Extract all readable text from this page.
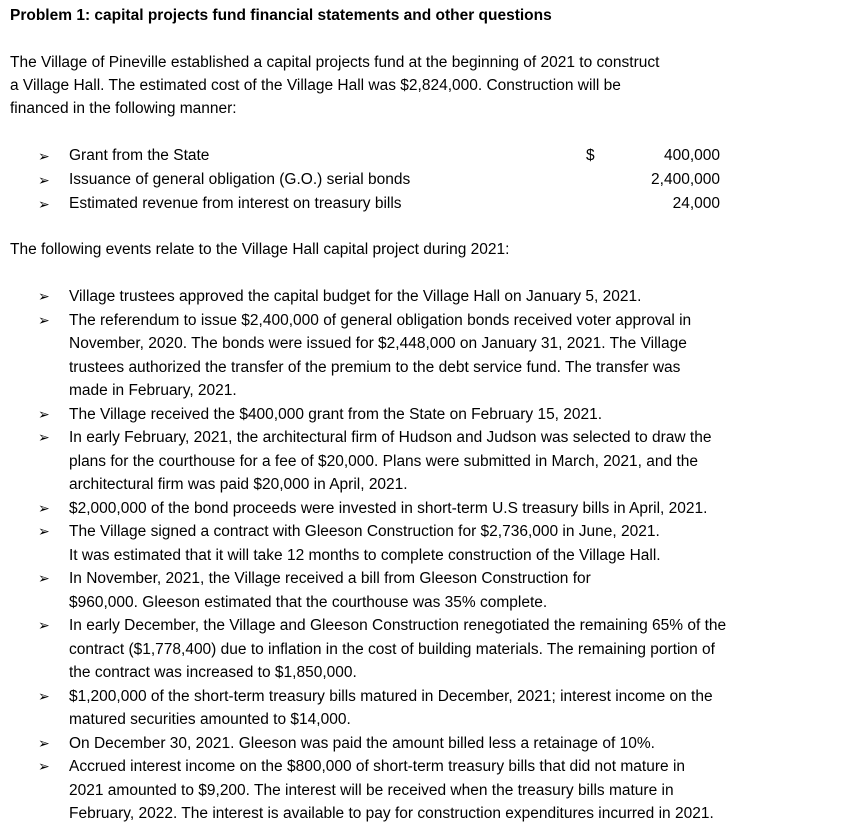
Problem 1: capital projects fund financial statements and other questions
The Village of Pineville established a capital projects fund at the beginning of 2021 to construct
a Village Hall. The estimated cost of the Village Hall was $2,824,000. Construction will be
financed in the following manner:
➢ Grant from the State	$	400,000
➢ Issuance of general obligation (G.O.) serial bonds	2,400,000
➢ Estimated revenue from interest on treasury bills	24,000
The following events relate to the Village Hall capital project during 2021:
➢ Village trustees approved the capital budget for the Village Hall on January 5, 2021.
➢ The referendum to issue $2,400,000 of general obligation bonds received voter approval in
November, 2020. The bonds were issued for $2,448,000 on January 31, 2021. The Village
trustees authorized the transfer of the premium to the debt service fund. The transfer was
made in February, 2021.
➢ The Village received the $400,000 grant from the State on February 15, 2021.
➢ In early February, 2021, the architectural firm of Hudson and Judson was selected to draw the
plans for the courthouse for a fee of $20,000. Plans were submitted in March, 2021, and the
architectural firm was paid $20,000 in April, 2021.
➢ $2,000,000 of the bond proceeds were invested in short-term U.S treasury bills in April, 2021.
➢ The Village signed a contract with Gleeson Construction for $2,736,000 in June, 2021.
It was estimated that it will take 12 months to complete construction of the Village Hall.
➢ In November, 2021, the Village received a bill from Gleeson Construction for
$960,000. Gleeson estimated that the courthouse was 35% complete.
➢ In early December, the Village and Gleeson Construction renegotiated the remaining 65% of the
contract ($1,778,400) due to inflation in the cost of building materials. The remaining portion of
the contract was increased to $1,850,000.
➢ $1,200,000 of the short-term treasury bills matured in December, 2021; interest income on the
matured securities amounted to $14,000.
➢ On December 30, 2021. Gleeson was paid the amount billed less a retainage of 10%.
➢ Accrued interest income on the $800,000 of short-term treasury bills that did not mature in
2021 amounted to $9,200. The interest will be received when the treasury bills mature in
February, 2022. The interest is available to pay for construction expenditures incurred in 2021.
